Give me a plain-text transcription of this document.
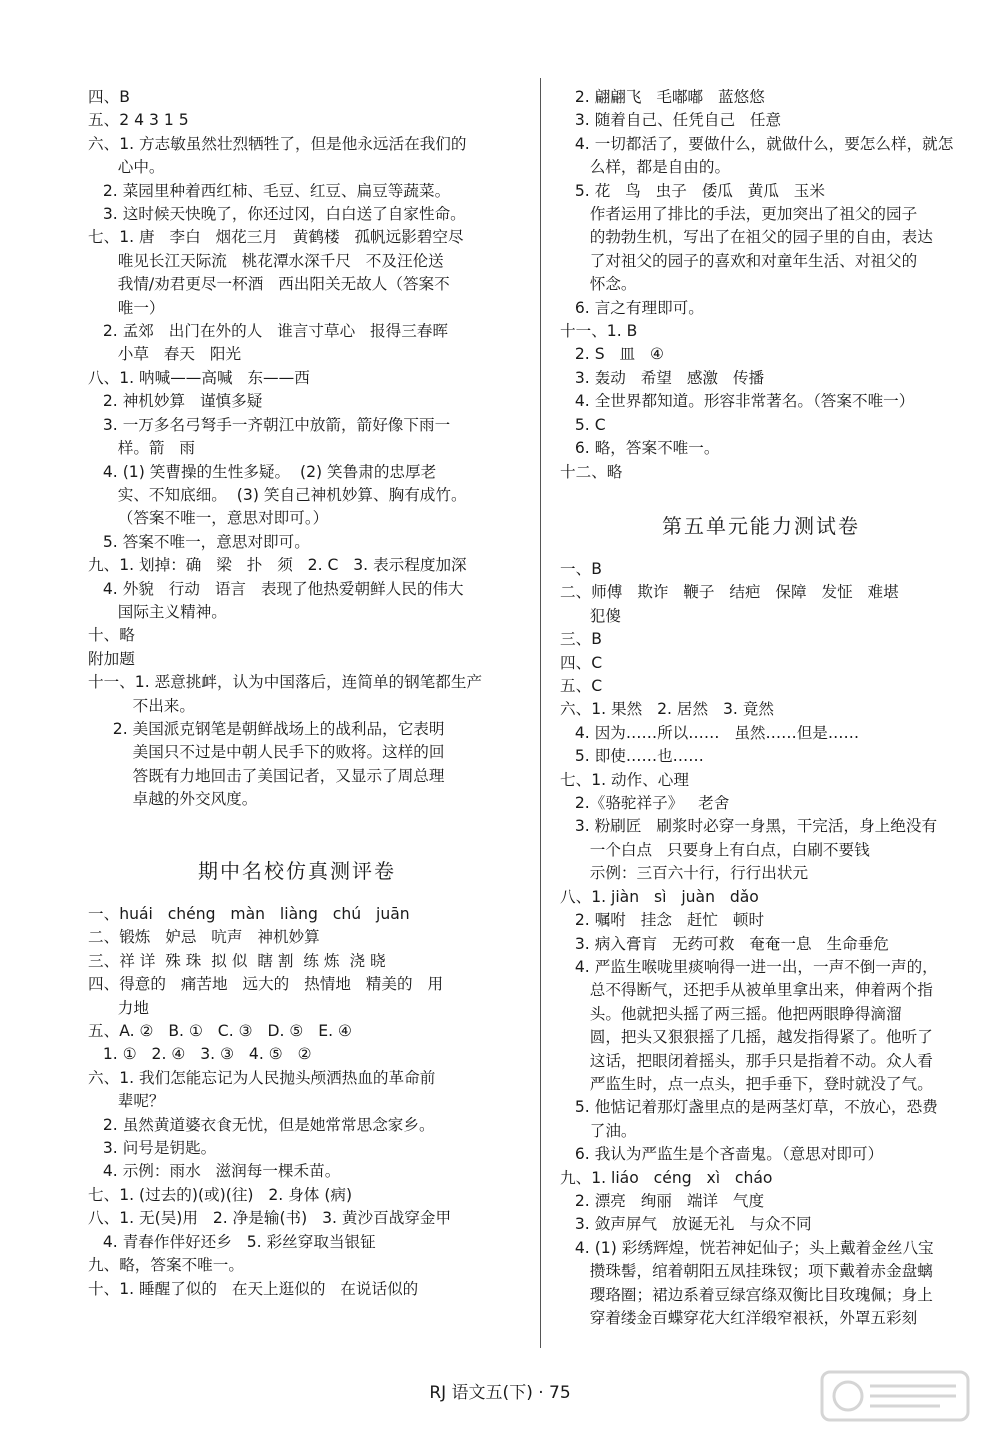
四、B
五、2 4 3 1 5
六、1. 方志敏虽然壮烈牺牲了，但是他永远活在我们的
心中。
2. 菜园里种着西红柿、毛豆、红豆、扁豆等蔬菜。
3. 这时候天快晚了，你还过冈，白白送了自家性命。
七、1. 唐   李白   烟花三月   黄鹤楼   孤帆远影碧空尽
唯见长江天际流   桃花潭水深千尺   不及汪伦送
我情/劝君更尽一杯酒   西出阳关无故人（答案不
唯一）
2. 孟郊   出门在外的人   谁言寸草心   报得三春晖
小草   春天   阳光
八、1. 呐喊——高喊   东——西
2. 神机妙算   谨慎多疑
3. 一万多名弓弩手一齐朝江中放箭，箭好像下雨一
样。箭   雨
4. (1) 笑曹操的生性多疑。  (2) 笑鲁肃的忠厚老
实、不知底细。  (3) 笑自己神机妙算、胸有成竹。
（答案不唯一，意思对即可。）
5. 答案不唯一，意思对即可。
九、1. 划掉：确   梁   扑   须   2. C   3. 表示程度加深
4. 外貌   行动   语言   表现了他热爱朝鲜人民的伟大
国际主义精神。
十、略
附加题
十一、1. 恶意挑衅，认为中国落后，连简单的钢笔都生产
不出来。
2. 美国派克钢笔是朝鲜战场上的战利品，它表明
美国只不过是中朝人民手下的败将。这样的回
答既有力地回击了美国记者，又显示了周总理
卓越的外交风度。
期中名校仿真测评卷
一、huái   chéng   màn   liàng   chú   juān
二、锻炼   妒忌   吭声   神机妙算
三、祥 详  殊 珠  拟 似  瞎 割  练 炼  浇 晓
四、得意的   痛苦地   远大的   热情地   精美的   用
力地
五、A. ②   B. ①   C. ③   D. ⑤   E. ④
1. ①   2. ④   3. ③   4. ⑤   ②
六、1. 我们怎能忘记为人民抛头颅洒热血的革命前
辈呢？
2. 虽然黄道婆衣食无忧，但是她常常思念家乡。
3. 问号是钥匙。
4. 示例：雨水   滋润每一棵禾苗。
七、1. (过去的)(或)(往)   2. 身体 (病)
八、1. 无(吴)用   2. 净是输(书)   3. 黄沙百战穿金甲
4. 青春作伴好还乡   5. 彩丝穿取当银钲
九、略，答案不唯一。
十、1. 睡醒了似的   在天上逛似的   在说话似的
2. 翩翩飞   毛嘟嘟   蓝悠悠
3. 随着自己、任凭自己   任意
4. 一切都活了，要做什么，就做什么，要怎么样，就怎
么样，都是自由的。
5. 花   鸟   虫子   倭瓜   黄瓜   玉米
作者运用了排比的手法，更加突出了祖父的园子
的勃勃生机，写出了在祖父的园子里的自由，表达
了对祖父的园子的喜欢和对童年生活、对祖父的
怀念。
6. 言之有理即可。
十一、1. B
2. S   皿   ④
3. 轰动   希望   感激   传播
4. 全世界都知道。形容非常著名。（答案不唯一）
5. C
6. 略，答案不唯一。
十二、略
第五单元能力测试卷
一、B
二、师傅   欺诈   鞭子   结疤   保障   发怔   难堪
犯傻
三、B
四、C
五、C
六、1. 果然   2. 居然   3. 竟然
4. 因为……所以……   虽然……但是……
5. 即使……也……
七、1. 动作、心理
2.《骆驼祥子》   老舍
3. 粉刷匠   刷浆时必穿一身黑，干完活，身上绝没有
一个白点   只要身上有白点，白刷不要钱
示例：三百六十行，行行出状元
八、1. jiàn   sì   juàn   dǎo
2. 嘱咐   挂念   赶忙   顿时
3. 病入膏肓   无药可救   奄奄一息   生命垂危
4. 严监生喉咙里痰响得一进一出，一声不倒一声的，
总不得断气，还把手从被单里拿出来，伸着两个指
头。他就把头摇了两三摇。他把两眼睁得滴溜
圆，把头又狠狠摇了几摇，越发指得紧了。他听了
这话，把眼闭着摇头，那手只是指着不动。众人看
严监生时，点一点头，把手垂下，登时就没了气。
5. 他惦记着那灯盏里点的是两茎灯草，不放心，恐费
了油。
6. 我认为严监生是个吝啬鬼。（意思对即可）
九、1. liáo   céng   xì   cháo
2. 漂亮   绚丽   端详   气度
3. 敛声屏气   放诞无礼   与众不同
4. (1) 彩绣辉煌，恍若神妃仙子；头上戴着金丝八宝
攒珠髻，绾着朝阳五凤挂珠钗；项下戴着赤金盘螭
璎珞圈；裙边系着豆绿宫绦双衡比目玫瑰佩；身上
穿着缕金百蝶穿花大红洋缎窄裉袄，外罩五彩刻
RJ 语文五(下) · 75
